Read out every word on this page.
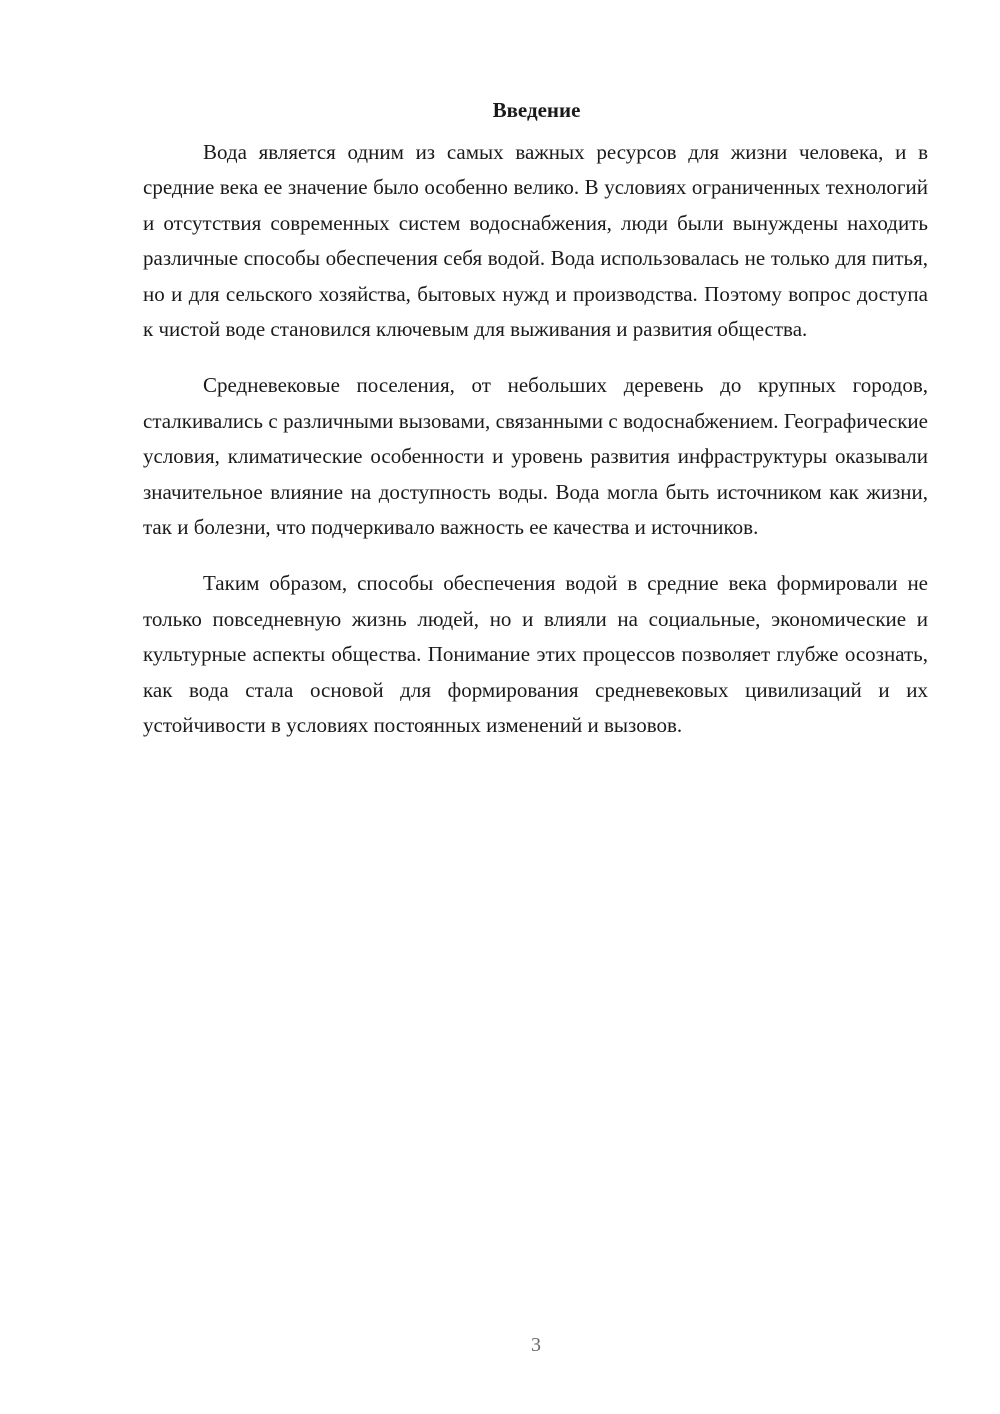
Введение

Вода является одним из самых важных ресурсов для жизни человека, и в средние века ее значение было особенно велико. В условиях ограниченных технологий и отсутствия современных систем водоснабжения, люди были вынуждены находить различные способы обеспечения себя водой. Вода использовалась не только для питья, но и для сельского хозяйства, бытовых нужд и производства. Поэтому вопрос доступа к чистой воде становился ключевым для выживания и развития общества.

Средневековые поселения, от небольших деревень до крупных городов, сталкивались с различными вызовами, связанными с водоснабжением. Географические условия, климатические особенности и уровень развития инфраструктуры оказывали значительное влияние на доступность воды. Вода могла быть источником как жизни, так и болезни, что подчеркивало важность ее качества и источников.

Таким образом, способы обеспечения водой в средние века формировали не только повседневную жизнь людей, но и влияли на социальные, экономические и культурные аспекты общества. Понимание этих процессов позволяет глубже осознать, как вода стала основой для формирования средневековых цивилизаций и их устойчивости в условиях постоянных изменений и вызовов.

3
